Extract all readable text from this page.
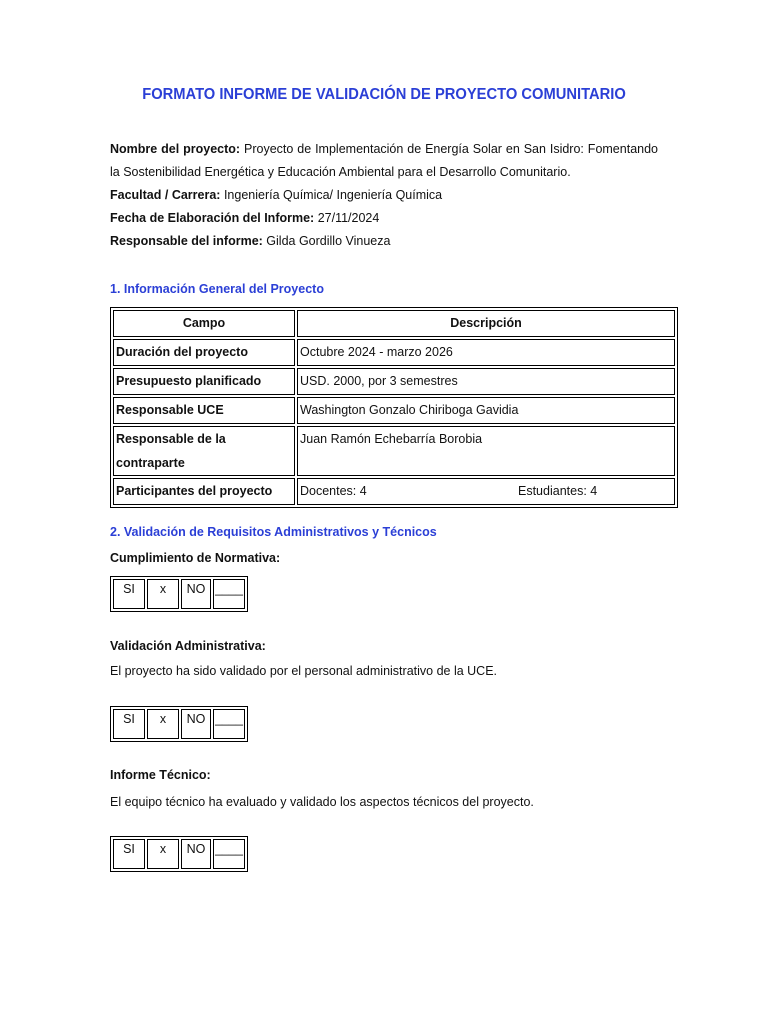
FORMATO INFORME DE VALIDACIÓN DE PROYECTO COMUNITARIO

Nombre del proyecto: Proyecto de Implementación de Energía Solar en San Isidro: Fomentando la Sostenibilidad Energética y Educación Ambiental para el Desarrollo Comunitario.

Facultad / Carrera: Ingeniería Química/ Ingeniería Química

Fecha de Elaboración del Informe: 27/11/2024

Responsable del informe: Gilda Gordillo Vinueza

1. Información General del Proyecto
Campo	Descripción
Duración del proyecto	Octubre 2024 - marzo 2026
Presupuesto planificado	USD. 2000, por 3 semestres
Responsable UCE	Washington Gonzalo Chiriboga Gavidia
Responsable de la contraparte	Juan Ramón Echebarría Borobia
Participantes del proyecto	Docentes: 4 Estudiantes: 4
2. Validación de Requisitos Administrativos y Técnicos
Cumplimiento de Normativa:
SI	x	NO	____
Validación Administrativa:
El proyecto ha sido validado por el personal administrativo de la UCE.
SI	x	NO	____
Informe Técnico:
El equipo técnico ha evaluado y validado los aspectos técnicos del proyecto.
SI	x	NO	____
